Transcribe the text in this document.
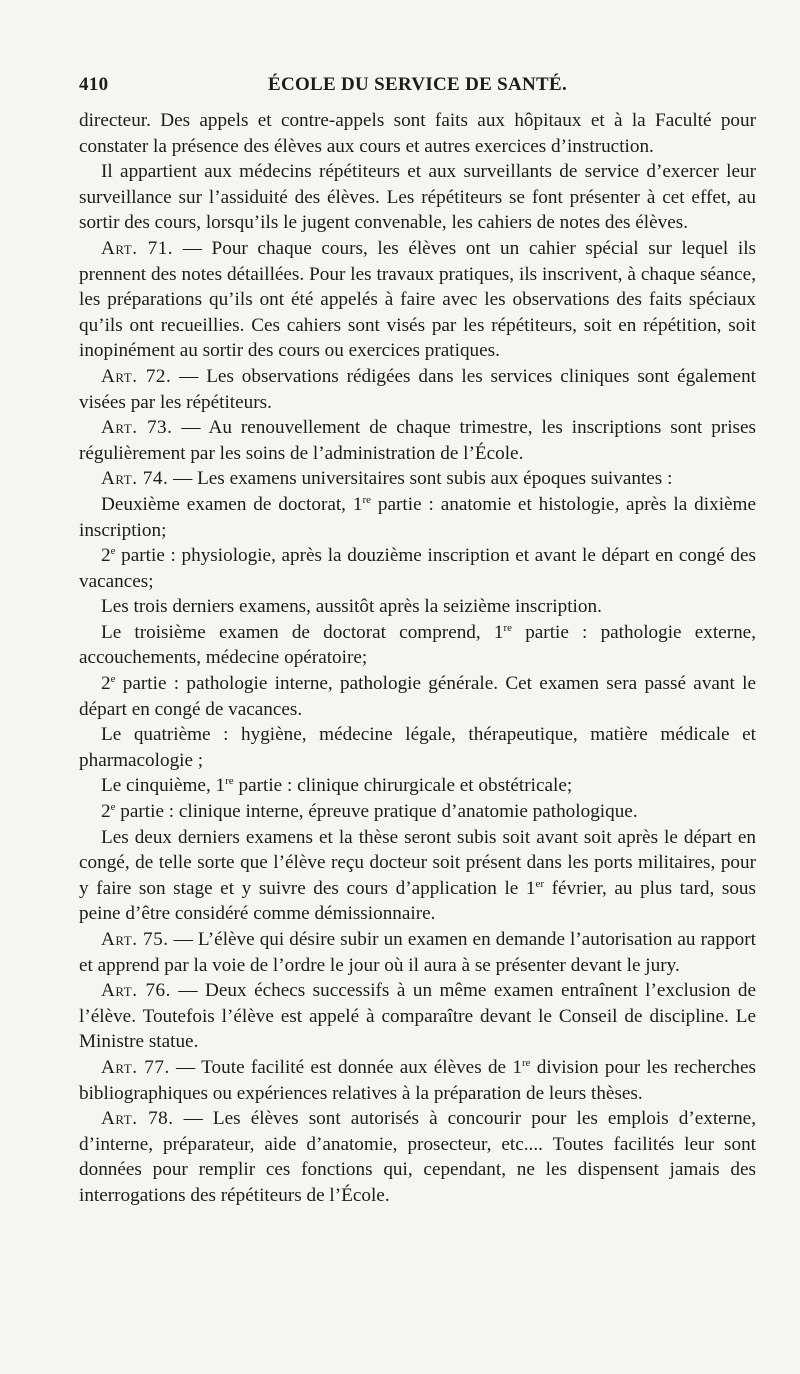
410	ÉCOLE DU SERVICE DE SANTÉ.

directeur. Des appels et contre-appels sont faits aux hôpitaux et à la Faculté pour constater la présence des élèves aux cours et autres exercices d’instruction.

Il appartient aux médecins répétiteurs et aux surveillants de service d’exercer leur surveillance sur l’assiduité des élèves. Les répétiteurs se font présenter à cet effet, au sortir des cours, lorsqu’ils le jugent convenable, les cahiers de notes des élèves.

Art. 71. — Pour chaque cours, les élèves ont un cahier spécial sur lequel ils prennent des notes détaillées. Pour les travaux pratiques, ils inscrivent, à chaque séance, les préparations qu’ils ont été appelés à faire avec les observations des faits spéciaux qu’ils ont recueillies. Ces cahiers sont visés par les répétiteurs, soit en répétition, soit inopinément au sortir des cours ou exercices pratiques.

Art. 72. — Les observations rédigées dans les services cliniques sont également visées par les répétiteurs.

Art. 73. — Au renouvellement de chaque trimestre, les inscriptions sont prises régulièrement par les soins de l’administration de l’École.

Art. 74. — Les examens universitaires sont subis aux époques suivantes :

Deuxième examen de doctorat, 1re partie : anatomie et histologie, après la dixième inscription;

2e partie : physiologie, après la douzième inscription et avant le départ en congé des vacances;

Les trois derniers examens, aussitôt après la seizième inscription.

Le troisième examen de doctorat comprend, 1re partie : pathologie externe, accouchements, médecine opératoire;

2e partie : pathologie interne, pathologie générale. Cet examen sera passé avant le départ en congé de vacances.

Le quatrième : hygiène, médecine légale, thérapeutique, matière médicale et pharmacologie ;

Le cinquième, 1re partie : clinique chirurgicale et obstétricale;

2e partie : clinique interne, épreuve pratique d’anatomie pathologique.

Les deux derniers examens et la thèse seront subis soit avant soit après le départ en congé, de telle sorte que l’élève reçu docteur soit présent dans les ports militaires, pour y faire son stage et y suivre des cours d’application le 1er février, au plus tard, sous peine d’être considéré comme démissionnaire.

Art. 75. — L’élève qui désire subir un examen en demande l’autorisation au rapport et apprend par la voie de l’ordre le jour où il aura à se présenter devant le jury.

Art. 76. — Deux échecs successifs à un même examen entraînent l’exclusion de l’élève. Toutefois l’élève est appelé à comparaître devant le Conseil de discipline. Le Ministre statue.

Art. 77. — Toute facilité est donnée aux élèves de 1re division pour les recherches bibliographiques ou expériences relatives à la préparation de leurs thèses.

Art. 78. — Les élèves sont autorisés à concourir pour les emplois d’externe, d’interne, préparateur, aide d’anatomie, prosecteur, etc.... Toutes facilités leur sont données pour remplir ces fonctions qui, cependant, ne les dispensent jamais des interrogations des répétiteurs de l’École.
